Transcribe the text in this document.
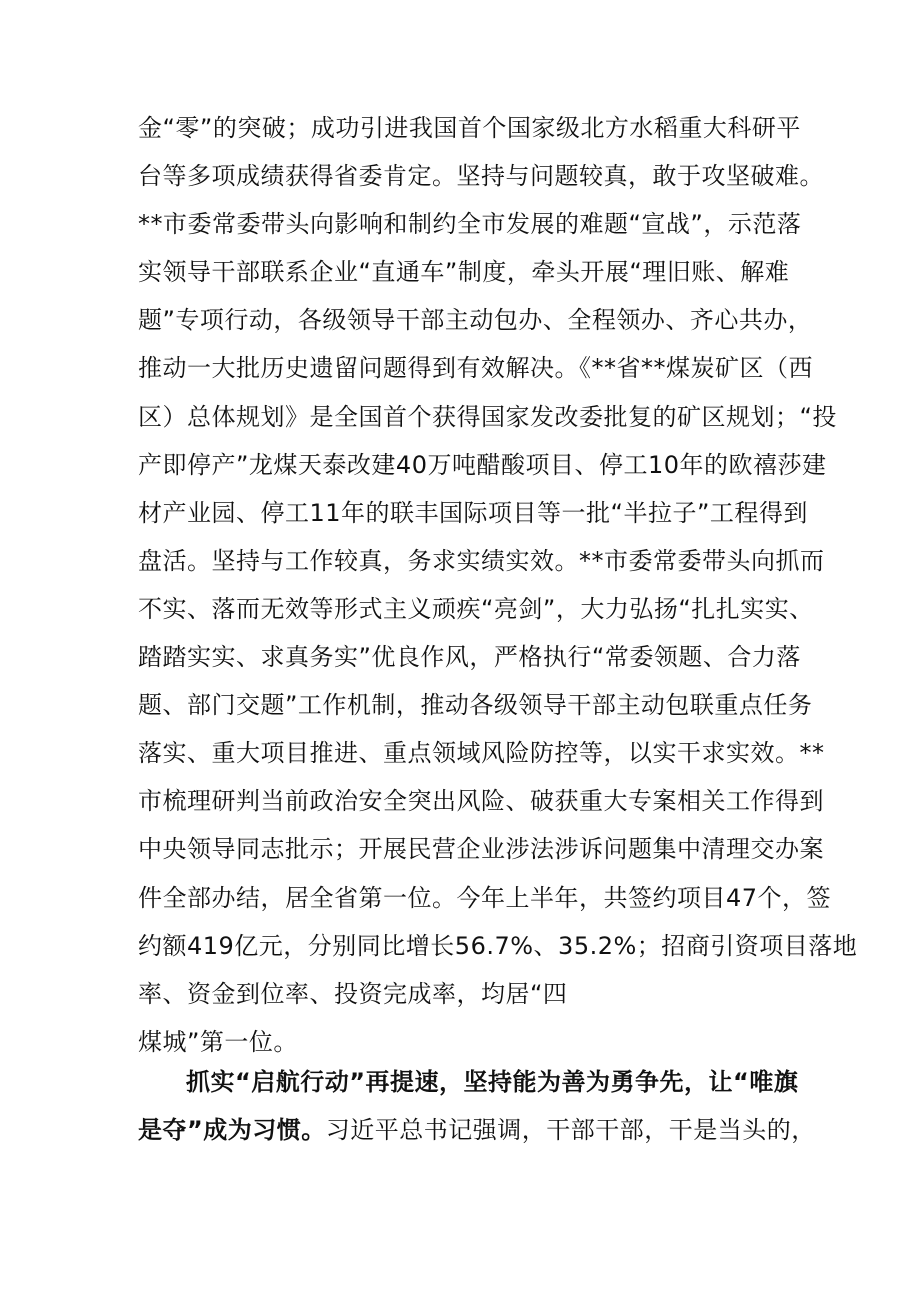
金“零”的突破；成功引进我国首个国家级北方水稻重大科研平
台等多项成绩获得省委肯定。坚持与问题较真，敢于攻坚破难。
**市委常委带头向影响和制约全市发展的难题“宣战”，示范落
实领导干部联系企业“直通车”制度，牵头开展“理旧账、解难
题”专项行动，各级领导干部主动包办、全程领办、齐心共办，
推动一大批历史遗留问题得到有效解决。《**省**煤炭矿区（西
区）总体规划》是全国首个获得国家发改委批复的矿区规划；“投
产即停产”龙煤天泰改建40万吨醋酸项目、停工10年的欧禧莎建
材产业园、停工11年的联丰国际项目等一批“半拉子”工程得到
盘活。坚持与工作较真，务求实绩实效。**市委常委带头向抓而
不实、落而无效等形式主义顽疾“亮剑”，大力弘扬“扎扎实实、
踏踏实实、求真务实”优良作风，严格执行“常委领题、合力落
题、部门交题”工作机制，推动各级领导干部主动包联重点任务
落实、重大项目推进、重点领域风险防控等，以实干求实效。**
市梳理研判当前政治安全突出风险、破获重大专案相关工作得到
中央领导同志批示；开展民营企业涉法涉诉问题集中清理交办案
件全部办结，居全省第一位。今年上半年，共签约项目47个，签
约额419亿元，分别同比增长56.7%、35.2%；招商引资项目落地
率、资金到位率、投资完成率，均居“四
煤城”第一位。
抓实“启航行动”再提速，坚持能为善为勇争先，让“唯旗
是夺”成为习惯。习近平总书记强调，干部干部，干是当头的，
